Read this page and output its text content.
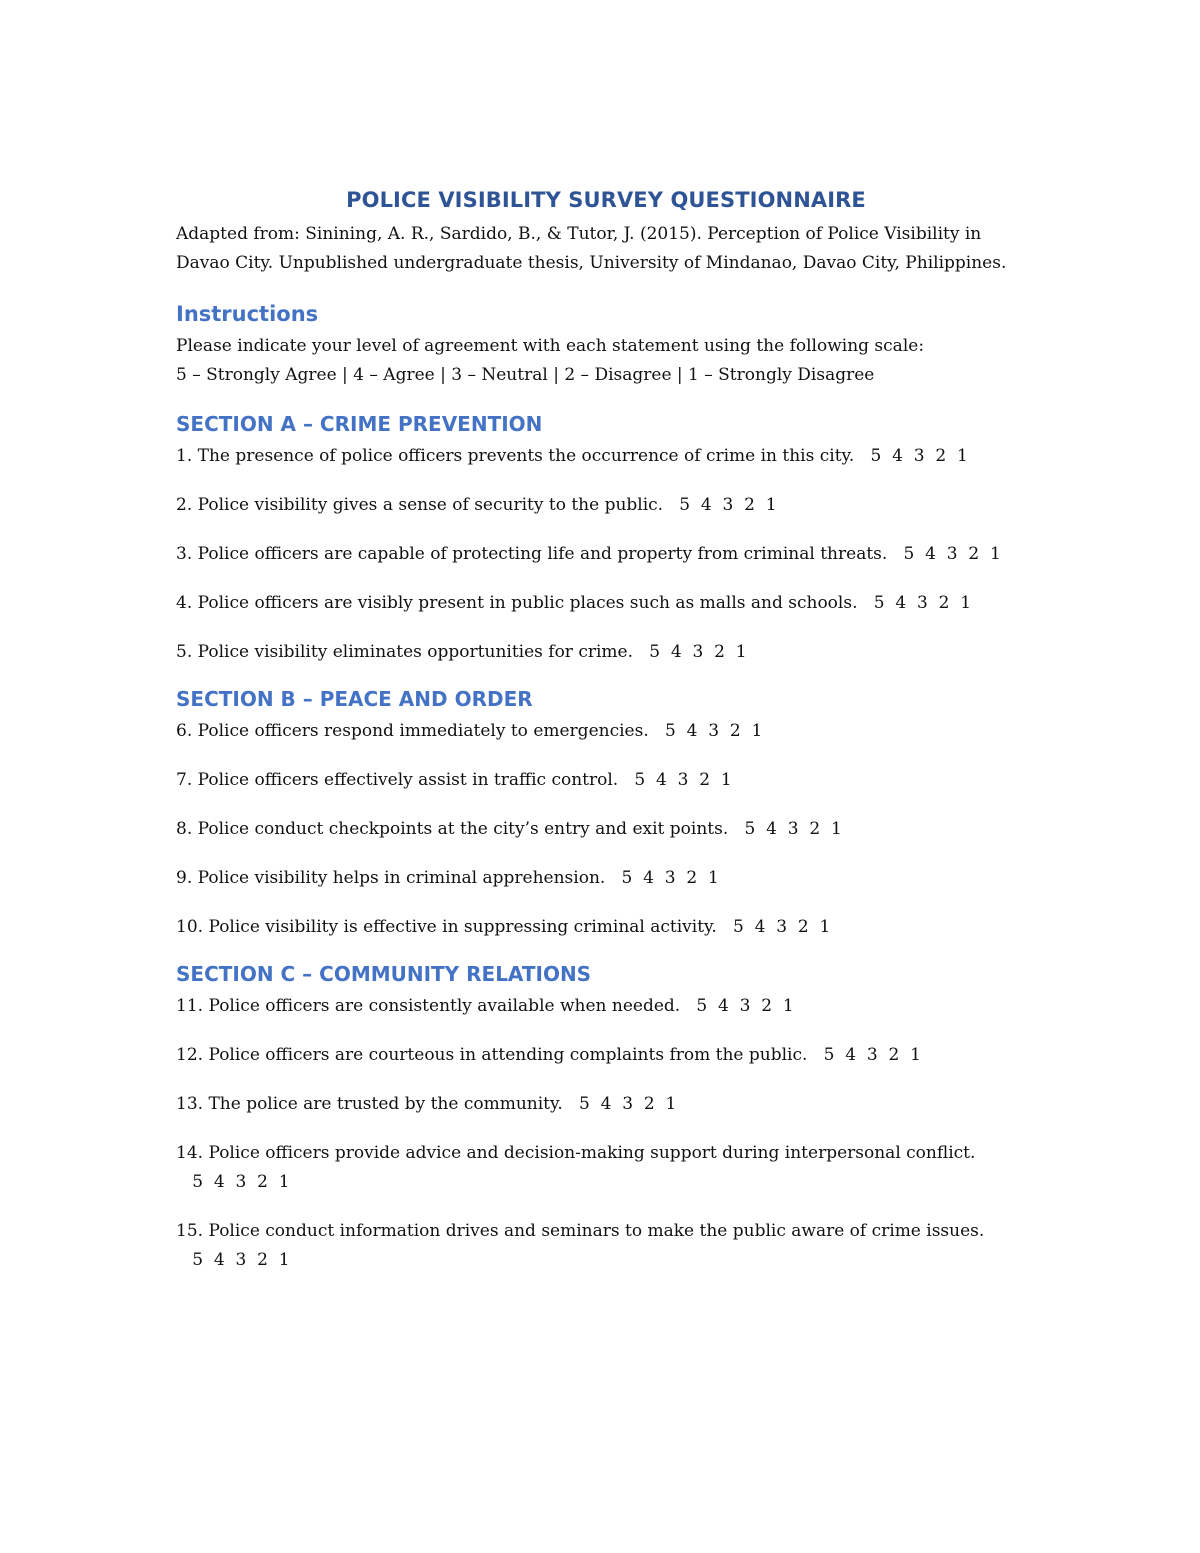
POLICE VISIBILITY SURVEY QUESTIONNAIRE

Adapted from: Sinining, A. R., Sardido, B., & Tutor, J. (2015). Perception of Police Visibility in Davao City. Unpublished undergraduate thesis, University of Mindanao, Davao City, Philippines.

Instructions

Please indicate your level of agreement with each statement using the following scale:

5 – Strongly Agree | 4 – Agree | 3 – Neutral | 2 – Disagree | 1 – Strongly Disagree

SECTION A – CRIME PREVENTION

1. The presence of police officers prevents the occurrence of crime in this city.   5  4  3  2  1

2. Police visibility gives a sense of security to the public.   5  4  3  2  1

3. Police officers are capable of protecting life and property from criminal threats.   5  4  3  2  1

4. Police officers are visibly present in public places such as malls and schools.   5  4  3  2  1

5. Police visibility eliminates opportunities for crime.   5  4  3  2  1

SECTION B – PEACE AND ORDER

6. Police officers respond immediately to emergencies.   5  4  3  2  1

7. Police officers effectively assist in traffic control.   5  4  3  2  1

8. Police conduct checkpoints at the city’s entry and exit points.   5  4  3  2  1

9. Police visibility helps in criminal apprehension.   5  4  3  2  1

10. Police visibility is effective in suppressing criminal activity.   5  4  3  2  1

SECTION C – COMMUNITY RELATIONS

11. Police officers are consistently available when needed.   5  4  3  2  1

12. Police officers are courteous in attending complaints from the public.   5  4  3  2  1

13. The police are trusted by the community.   5  4  3  2  1

14. Police officers provide advice and decision-making support during interpersonal conflict.   5  4  3  2  1

15. Police conduct information drives and seminars to make the public aware of crime issues.   5  4  3  2  1
